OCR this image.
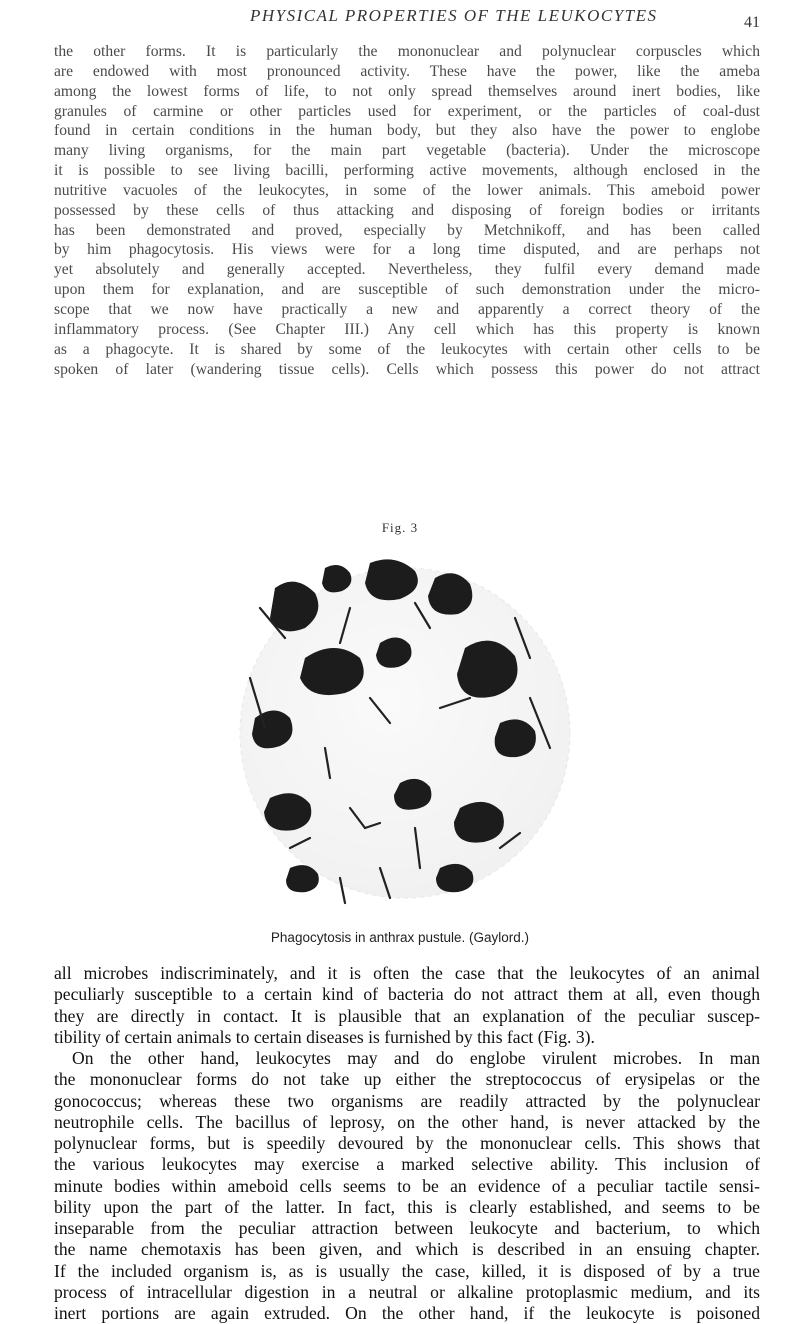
PHYSICAL PROPERTIES OF THE LEUKOCYTES	41
the other forms. It is particularly the mononuclear and polynuclear corpuscles which
are endowed with most pronounced activity. These have the power, like the ameba
among the lowest forms of life, to not only spread themselves around inert bodies, like
granules of carmine or other particles used for experiment, or the particles of coal-dust
found in certain conditions in the human body, but they also have the power to englobe
many living organisms, for the main part vegetable (bacteria). Under the microscope
it is possible to see living bacilli, performing active movements, although enclosed in the
nutritive vacuoles of the leukocytes, in some of the lower animals. This ameboid power
possessed by these cells of thus attacking and disposing of foreign bodies or irritants
has been demonstrated and proved, especially by Metchnikoff, and has been called
by him phagocytosis. His views were for a long time disputed, and are perhaps not
yet absolutely and generally accepted. Nevertheless, they fulfil every demand made
upon them for explanation, and are susceptible of such demonstration under the micro-
scope that we now have practically a new and apparently a correct theory of the
inflammatory process. (See Chapter III.) Any cell which has this property is known
as a phagocyte. It is shared by some of the leukocytes with certain other cells to be
spoken of later (wandering tissue cells). Cells which possess this power do not attract
Fig. 3
Phagocytosis in anthrax pustule. (Gaylord.)
all microbes indiscriminately, and it is often the case that the leukocytes of an animal
peculiarly susceptible to a certain kind of bacteria do not attract them at all, even though
they are directly in contact. It is plausible that an explanation of the peculiar suscep-
tibility of certain animals to certain diseases is furnished by this fact (Fig. 3).
On the other hand, leukocytes may and do englobe virulent microbes. In man
the mononuclear forms do not take up either the streptococcus of erysipelas or the
gonococcus; whereas these two organisms are readily attracted by the polynuclear
neutrophile cells. The bacillus of leprosy, on the other hand, is never attacked by the
polynuclear forms, but is speedily devoured by the mononuclear cells. This shows that
the various leukocytes may exercise a marked selective ability. This inclusion of
minute bodies within ameboid cells seems to be an evidence of a peculiar tactile sensi-
bility upon the part of the latter. In fact, this is clearly established, and seems to be
inseparable from the peculiar attraction between leukocyte and bacterium, to which
the name chemotaxis has been given, and which is described in an ensuing chapter.
If the included organism is, as is usually the case, killed, it is disposed of by a true
process of intracellular digestion in a neutral or alkaline protoplasmic medium, and its
inert portions are again extruded. On the other hand, if the leukocyte is poisoned
